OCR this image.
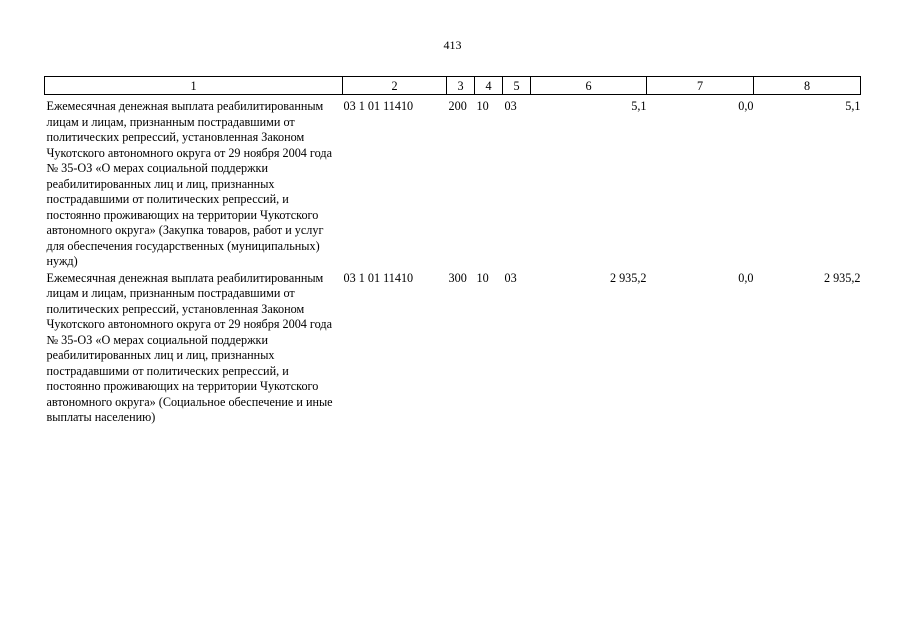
413
1	2	3	4	5	6	7	8
Ежемесячная денежная выплата реабилитированным лицам и лицам, признанным пострадавшими от политических репрессий, установленная Законом Чукотского автономного округа от 29 ноября 2004 года № 35-ОЗ «О мерах социальной поддержки реабилитированных лиц и лиц, признанных пострадавшими от политических репрессий, и постоянно проживающих на территории Чукотского автономного округа» (Закупка товаров, работ и услуг для обеспечения государственных (муниципальных) нужд)	03 1 01 11410	200	10	03	5,1	0,0	5,1
Ежемесячная денежная выплата реабилитированным лицам и лицам, признанным пострадавшими от политических репрессий, установленная Законом Чукотского автономного округа от 29 ноября 2004 года № 35-ОЗ «О мерах социальной поддержки реабилитированных лиц и лиц, признанных пострадавшими от политических репрессий, и постоянно проживающих на территории Чукотского автономного округа» (Социальное обеспечение и иные выплаты населению)	03 1 01 11410	300	10	03	2 935,2	0,0	2 935,2
